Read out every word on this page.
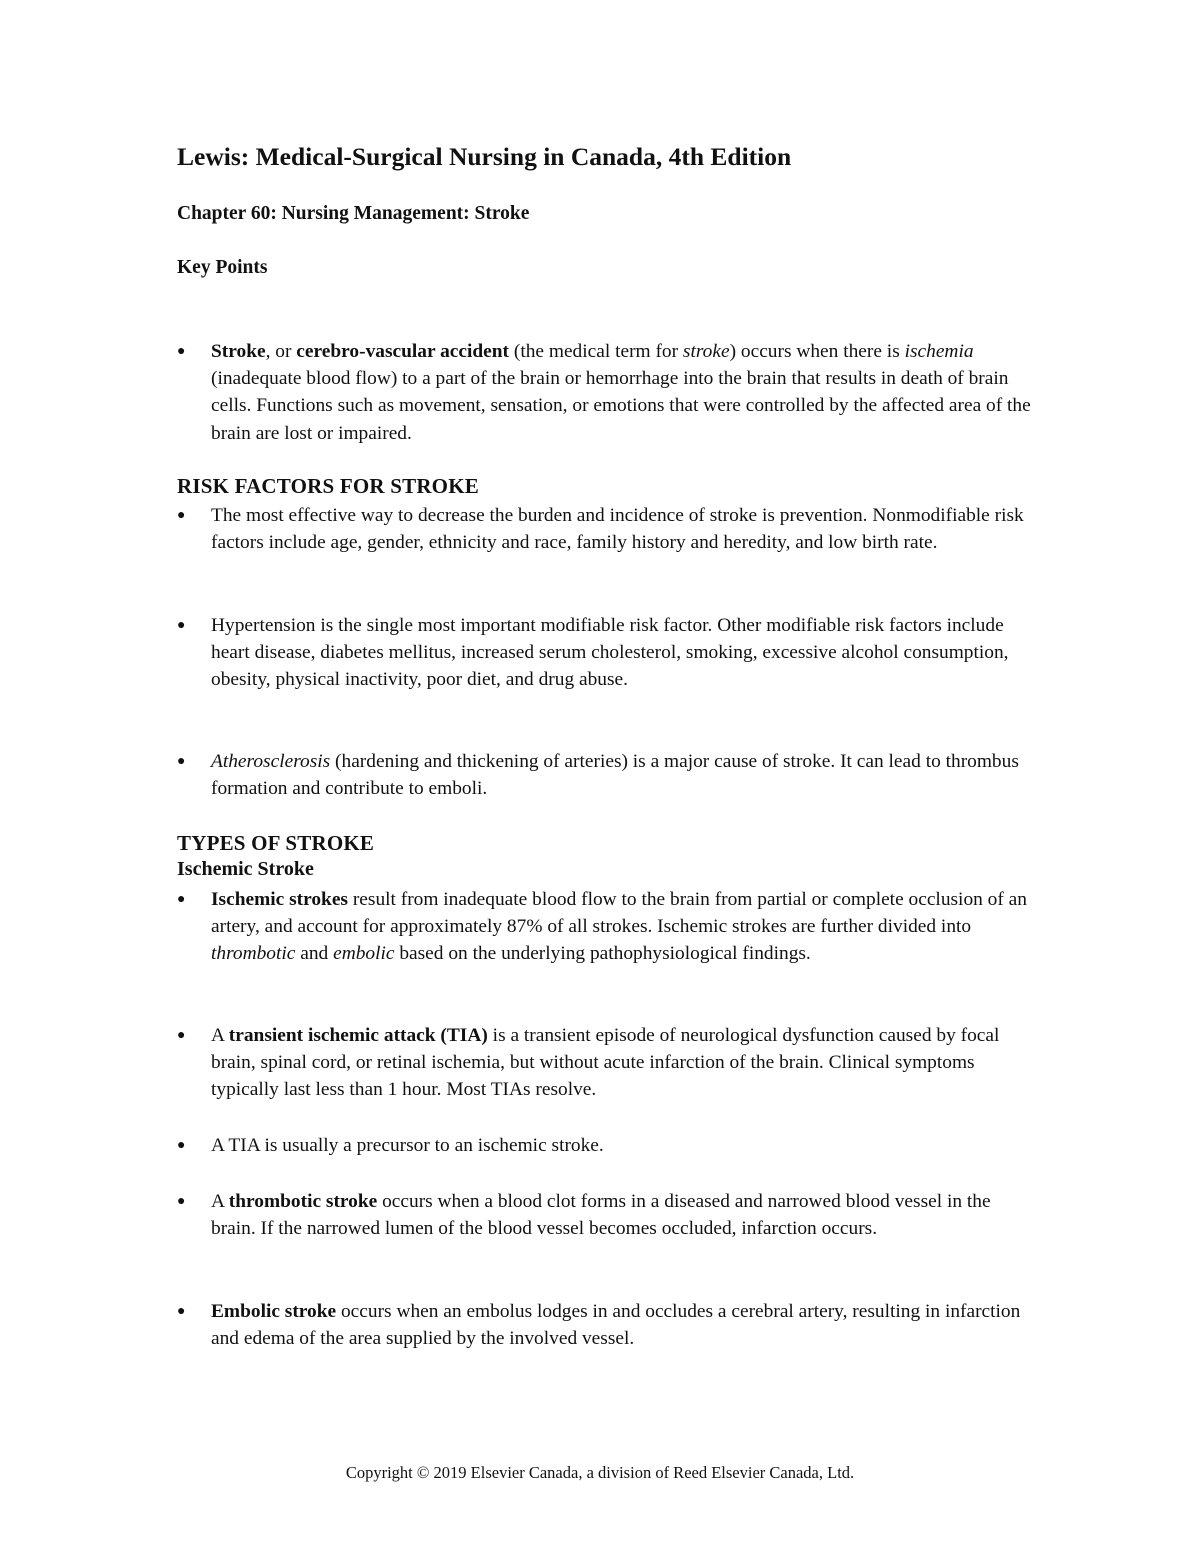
Lewis: Medical-Surgical Nursing in Canada, 4th Edition
Chapter 60: Nursing Management: Stroke
Key Points
●	Stroke, or cerebro-vascular accident (the medical term for stroke) occurs when there is ischemia (inadequate blood flow) to a part of the brain or hemorrhage into the brain that results in death of brain cells. Functions such as movement, sensation, or emotions that were controlled by the affected area of the brain are lost or impaired.
RISK FACTORS FOR STROKE
●	The most effective way to decrease the burden and incidence of stroke is prevention. Nonmodifiable risk factors include age, gender, ethnicity and race, family history and heredity, and low birth rate.
●	Hypertension is the single most important modifiable risk factor. Other modifiable risk factors include heart disease, diabetes mellitus, increased serum cholesterol, smoking, excessive alcohol consumption, obesity, physical inactivity, poor diet, and drug abuse.
●	Atherosclerosis (hardening and thickening of arteries) is a major cause of stroke. It can lead to thrombus formation and contribute to emboli.
TYPES OF STROKE
Ischemic Stroke
●	Ischemic strokes result from inadequate blood flow to the brain from partial or complete occlusion of an artery, and account for approximately 87% of all strokes. Ischemic strokes are further divided into thrombotic and embolic based on the underlying pathophysiological findings.
●	A transient ischemic attack (TIA) is a transient episode of neurological dysfunction caused by focal brain, spinal cord, or retinal ischemia, but without acute infarction of the brain. Clinical symptoms typically last less than 1 hour. Most TIAs resolve.
●	A TIA is usually a precursor to an ischemic stroke.
●	A thrombotic stroke occurs when a blood clot forms in a diseased and narrowed blood vessel in the brain. If the narrowed lumen of the blood vessel becomes occluded, infarction occurs.
●	Embolic stroke occurs when an embolus lodges in and occludes a cerebral artery, resulting in infarction and edema of the area supplied by the involved vessel.
Copyright © 2019 Elsevier Canada, a division of Reed Elsevier Canada, Ltd.
